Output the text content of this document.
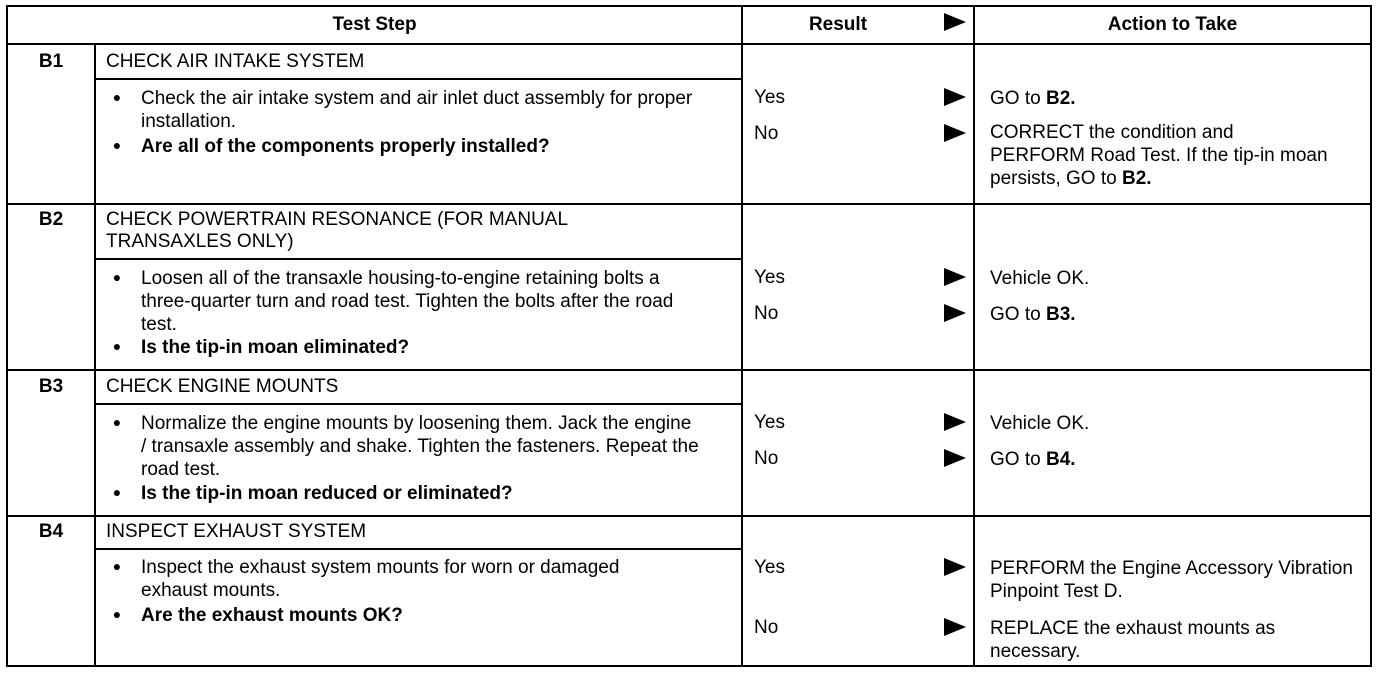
Test Step	Result	Action to Take
B1	CHECK AIR INTAKE SYSTEM
●	Check the air intake system and air inlet duct assembly for proper installation.
●	Are all of the components properly installed?
Yes	GO to B2.
No	CORRECT the condition and PERFORM Road Test. If the tip-in moan persists, GO to B2.
B2	CHECK POWERTRAIN RESONANCE (FOR MANUAL TRANSAXLES ONLY)
●	Loosen all of the transaxle housing-to-engine retaining bolts a three-quarter turn and road test. Tighten the bolts after the road test.
●	Is the tip-in moan eliminated?
Yes	Vehicle OK.
No	GO to B3.
B3	CHECK ENGINE MOUNTS
●	Normalize the engine mounts by loosening them. Jack the engine / transaxle assembly and shake. Tighten the fasteners. Repeat the road test.
●	Is the tip-in moan reduced or eliminated?
Yes	Vehicle OK.
No	GO to B4.
B4	INSPECT EXHAUST SYSTEM
●	Inspect the exhaust system mounts for worn or damaged exhaust mounts.
●	Are the exhaust mounts OK?
Yes	PERFORM the Engine Accessory Vibration Pinpoint Test D.
No	REPLACE the exhaust mounts as necessary.
